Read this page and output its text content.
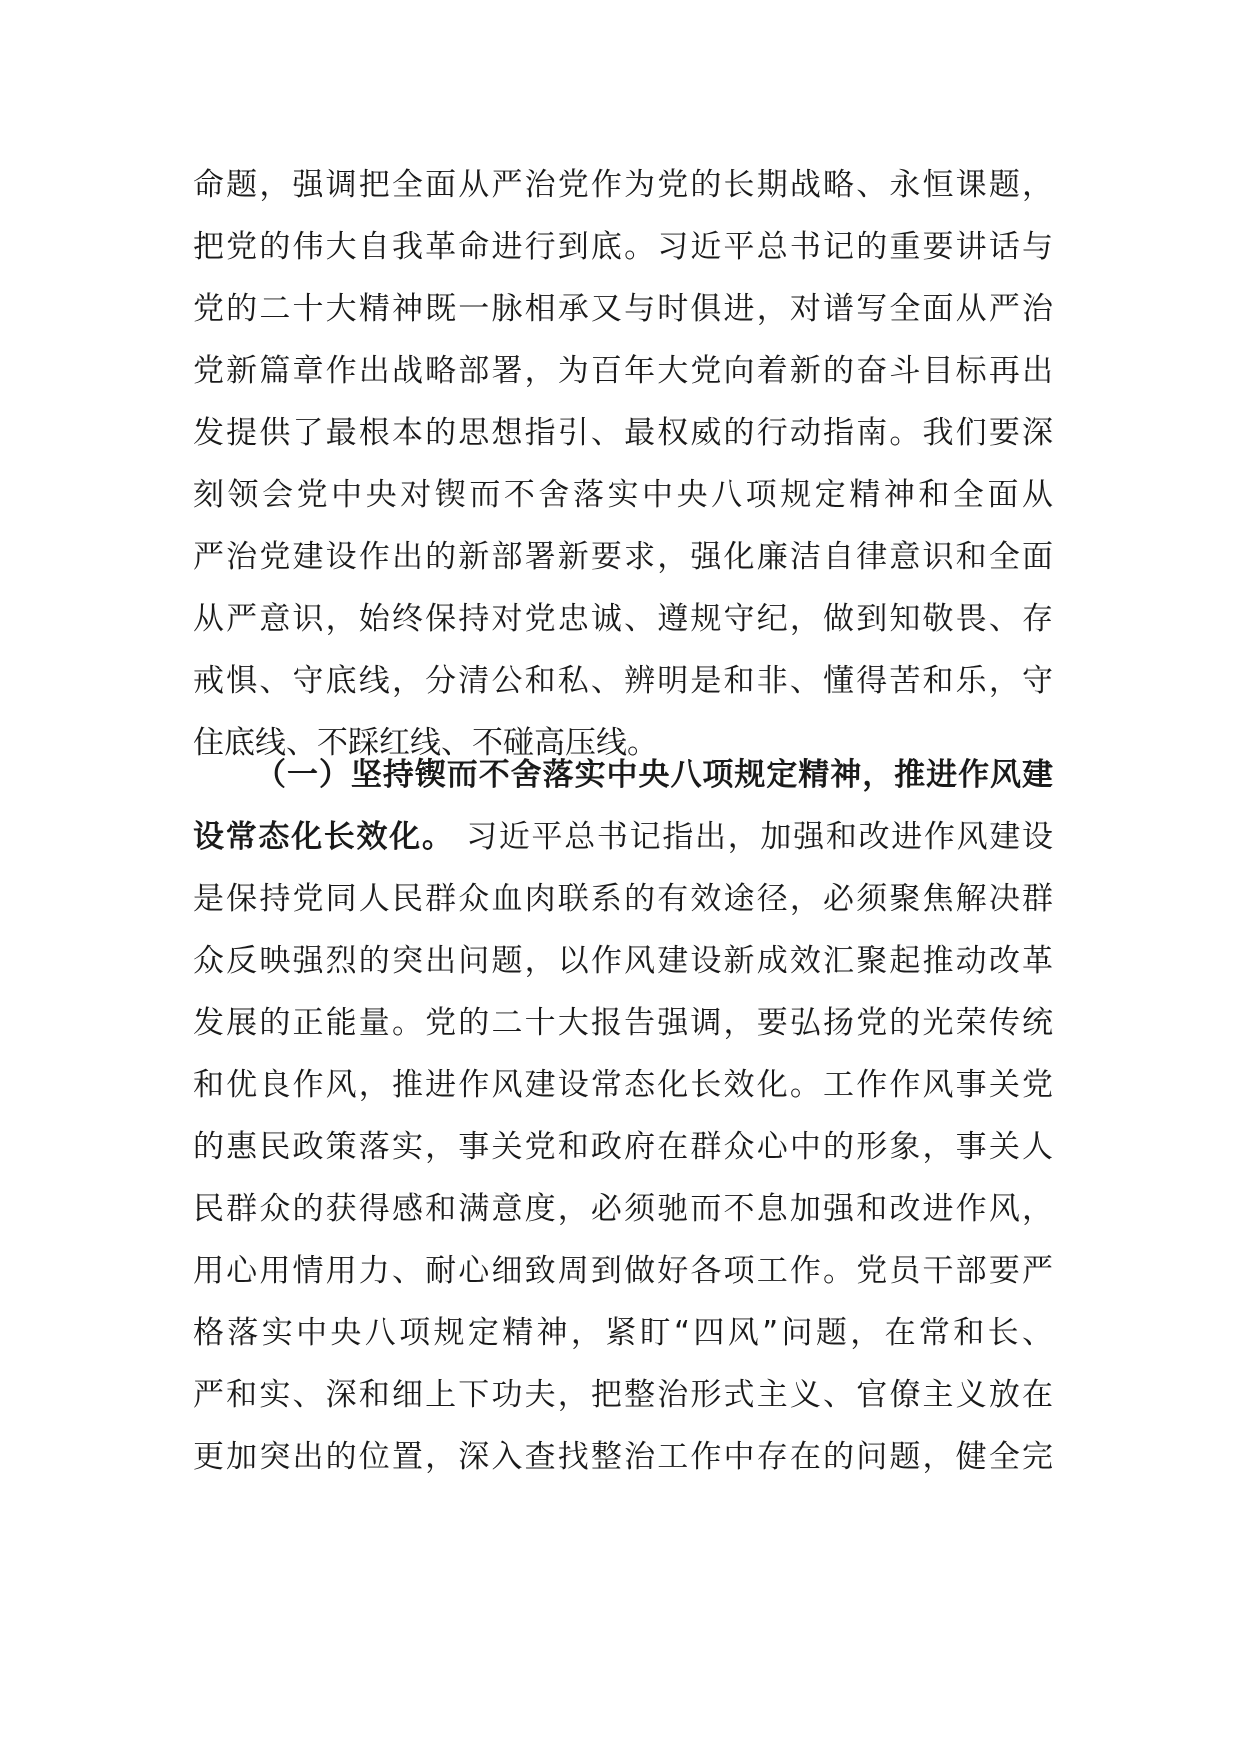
命题，强调把全面从严治党作为党的长期战略、永恒课题，
把党的伟大自我革命进行到底。习近平总书记的重要讲话与
党的二十大精神既一脉相承又与时俱进，对谱写全面从严治
党新篇章作出战略部署，为百年大党向着新的奋斗目标再出
发提供了最根本的思想指引、最权威的行动指南。我们要深
刻领会党中央对锲而不舍落实中央八项规定精神和全面从
严治党建设作出的新部署新要求，强化廉洁自律意识和全面
从严意识，始终保持对党忠诚、遵规守纪，做到知敬畏、存
戒惧、守底线，分清公和私、辨明是和非、懂得苦和乐，守
住底线、不踩红线、不碰高压线。
（一）坚持锲而不舍落实中央八项规定精神，推进作风建
设常态化长效化。 习近平总书记指出，加强和改进作风建设
是保持党同人民群众血肉联系的有效途径，必须聚焦解决群
众反映强烈的突出问题，以作风建设新成效汇聚起推动改革
发展的正能量。党的二十大报告强调，要弘扬党的光荣传统
和优良作风，推进作风建设常态化长效化。工作作风事关党
的惠民政策落实，事关党和政府在群众心中的形象，事关人
民群众的获得感和满意度，必须驰而不息加强和改进作风，
用心用情用力、耐心细致周到做好各项工作。党员干部要严
格落实中央八项规定精神，紧盯“四风”问题，在常和长、
严和实、深和细上下功夫，把整治形式主义、官僚主义放在
更加突出的位置，深入查找整治工作中存在的问题，健全完
